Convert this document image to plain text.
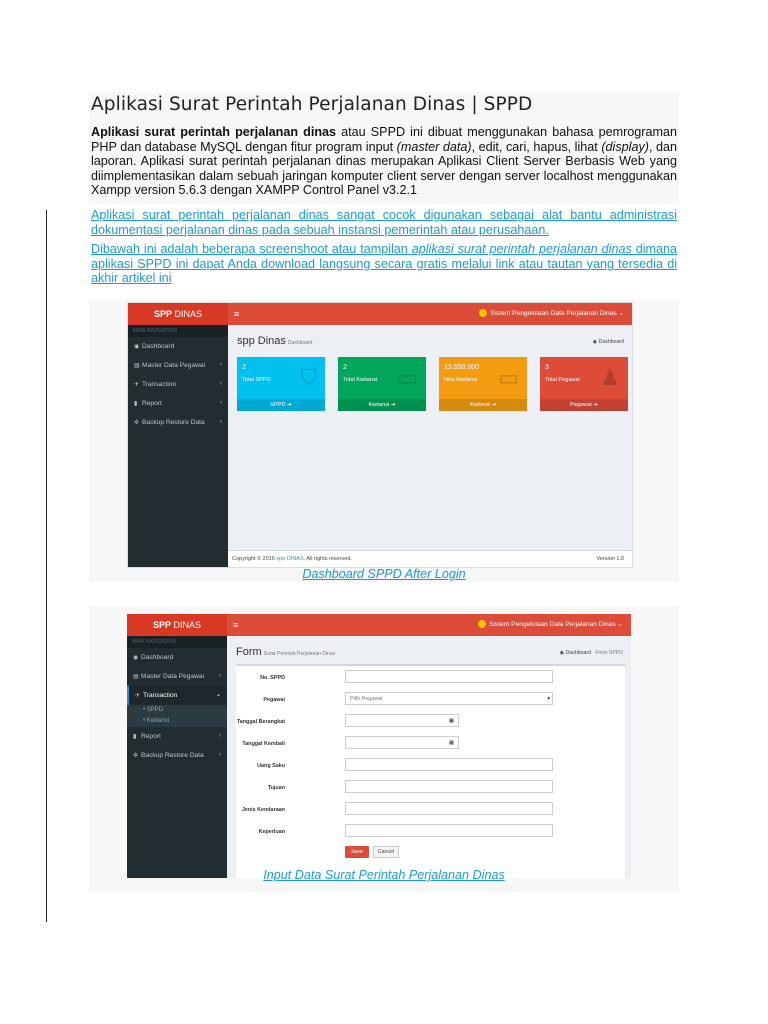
Aplikasi Surat Perintah Perjalanan Dinas | SPPD

Aplikasi surat perintah perjalanan dinas atau SPPD ini dibuat menggunakan bahasa pemrograman PHP dan database MySQL dengan fitur program input (master data), edit, cari, hapus, lihat (display), dan laporan. Aplikasi surat perintah perjalanan dinas merupakan Aplikasi Client Server Berbasis Web yang diimplementasikan dalam sebuah jaringan komputer client server dengan server localhost menggunakan Xampp version 5.6.3 dengan XAMPP Control Panel v3.2.1

Aplikasi surat perintah perjalanan dinas sangat cocok digunakan sebagai alat bantu administrasi dokumentasi perjalanan dinas pada sebuah instansi pemerintah atau perusahaan.

Dibawah ini adalah beberapa screenshoot atau tampilan aplikasi surat perintah perjalanan dinas dimana aplikasi SPPD ini dapat Anda download langsung secara gratis melalui link atau tautan yang tersedia di akhir artikel ini

SPP DINAS
MAIN NAVIGATION
◉ Dashboard
▤ Master Data Pegawai ‹
✈ Transaction	‹
▮ Report	‹
✲ Backup Restore Data	‹
≡	Sistem Pengelolaan Data Perjalanan Dinas ⌄
spp Dinas Dashboard	◉ Dashboard
2
Total SPPD ⛉
SPPD ➔
2
Total Kwitansi ▭
Kwitansi ➔
13.550.000
Nilai Kwitansi ▭
Kwitansi ➔
3
Total Pegawai ♟
Pegawai ➔
Copyright © 2016 spp DINAS. All rights reserved.	Version 1.0
Dashboard SPPD After Login
SPP DINAS
MAIN NAVIGATION
◉ Dashboard
▤ Master Data Pegawai ‹
✈ Transaction	⌄
• SPPD
• Kwitansi
▮ Report	‹
✲ Backup Restore Data	‹
≡	Sistem Pengelolaan Data Perjalanan Dinas ⌄
Form Surat Perintah Perjalanan Dinas	◉ Dashboard Form SPPD
No. SPPD
Pegawai	Pilih Pegawai	▾
Tanggal Berangkat	▦
Tanggal Kembali	▦
Uang Saku
Tujuan
Jenis Kendaraan
Keperluan
Save	Cancel
Input Data Surat Perintah Perjalanan Dinas
